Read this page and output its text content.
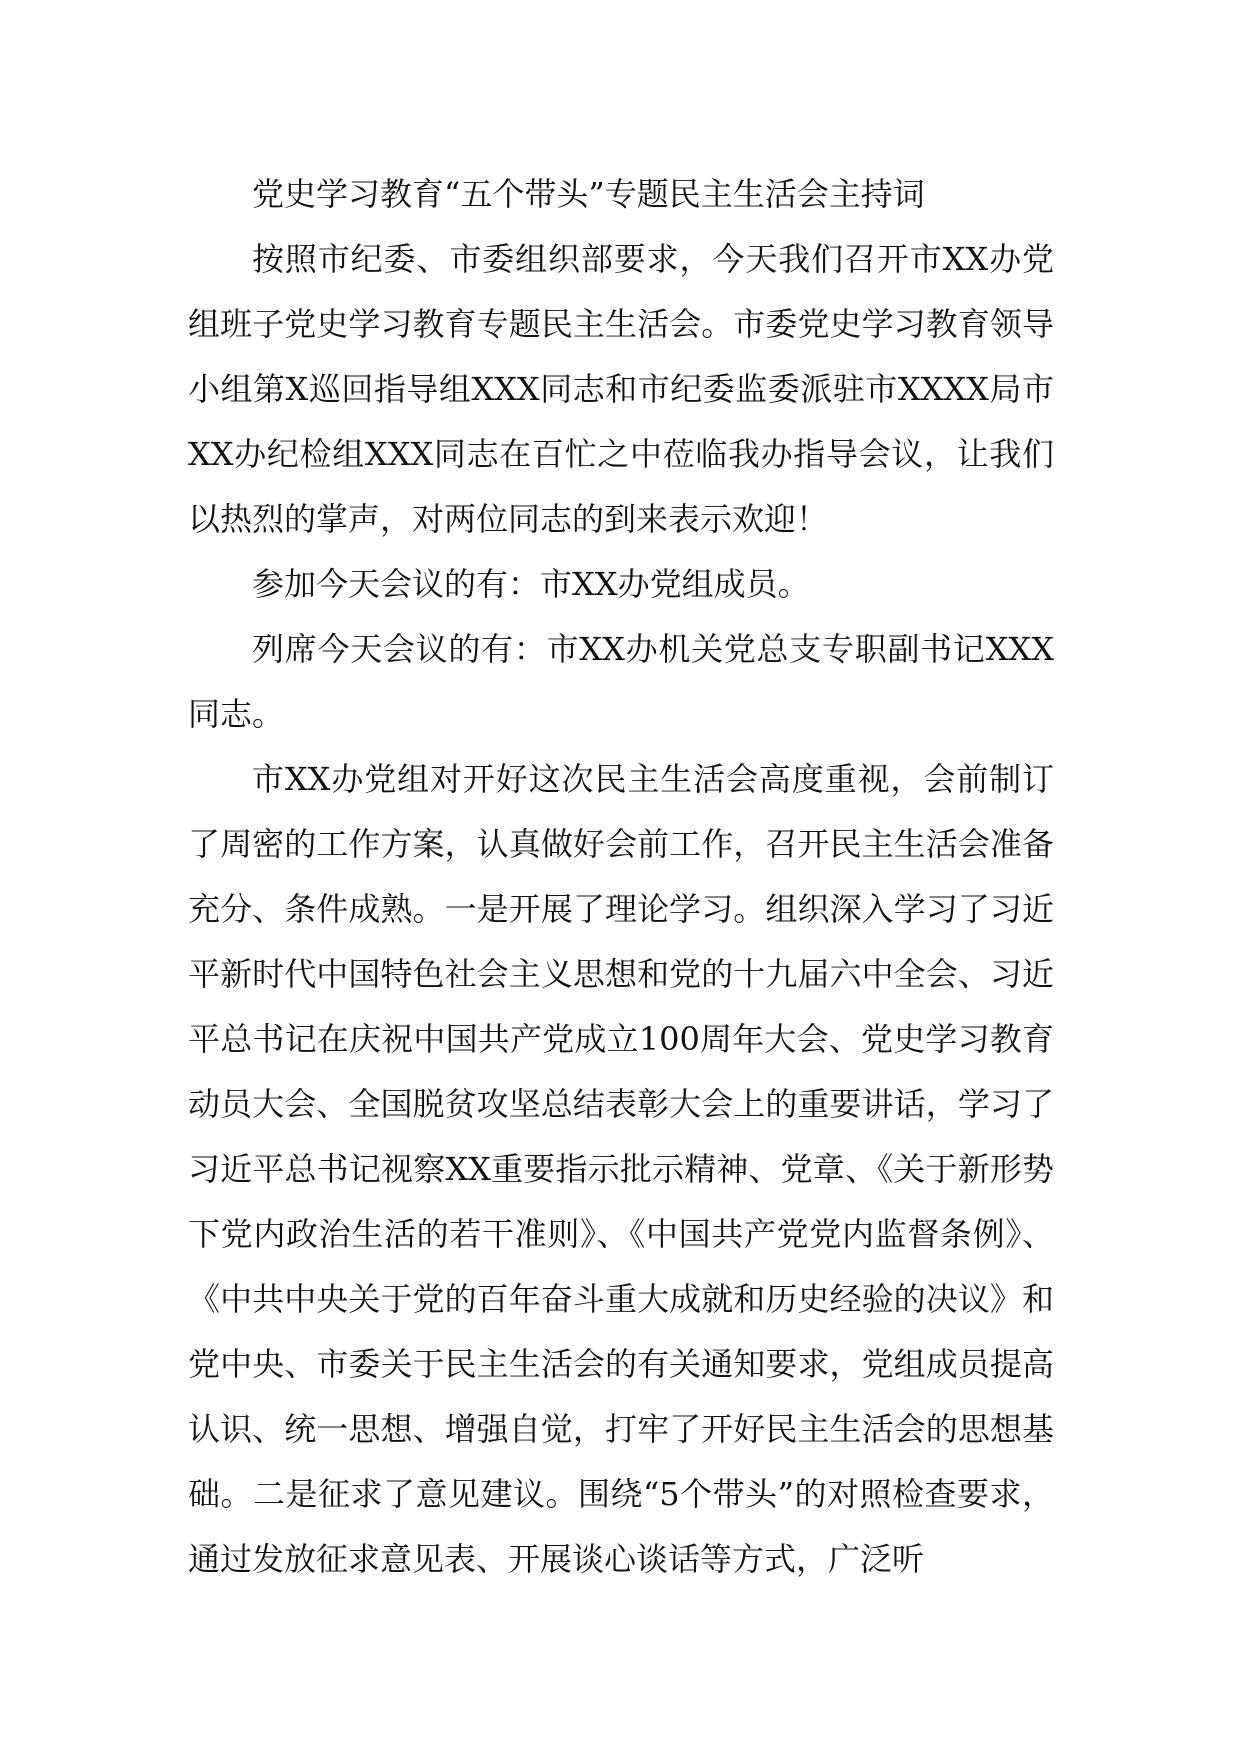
党史学习教育“五个带头”专题民主生活会主持词

按照市纪委、市委组织部要求，今天我们召开市XX办党组班子党史学习教育专题民主生活会。市委党史学习教育领导小组第X巡回指导组XXX同志和市纪委监委派驻市XXXX局市XX办纪检组XXX同志在百忙之中莅临我办指导会议，让我们以热烈的掌声，对两位同志的到来表示欢迎！

参加今天会议的有：市XX办党组成员。

列席今天会议的有：市XX办机关党总支专职副书记XXX同志。

市XX办党组对开好这次民主生活会高度重视，会前制订了周密的工作方案，认真做好会前工作，召开民主生活会准备充分、条件成熟。一是开展了理论学习。组织深入学习了习近平新时代中国特色社会主义思想和党的十九届六中全会、习近平总书记在庆祝中国共产党成立100周年大会、党史学习教育动员大会、全国脱贫攻坚总结表彰大会上的重要讲话，学习了习近平总书记视察XX重要指示批示精神、党章、《关于新形势下党内政治生活的若干准则》、《中国共产党党内监督条例》、《中共中央关于党的百年奋斗重大成就和历史经验的决议》和党中央、市委关于民主生活会的有关通知要求，党组成员提高认识、统一思想、增强自觉，打牢了开好民主生活会的思想基础。二是征求了意见建议。围绕“5个带头”的对照检查要求，通过发放征求意见表、开展谈心谈话等方式，广泛听
